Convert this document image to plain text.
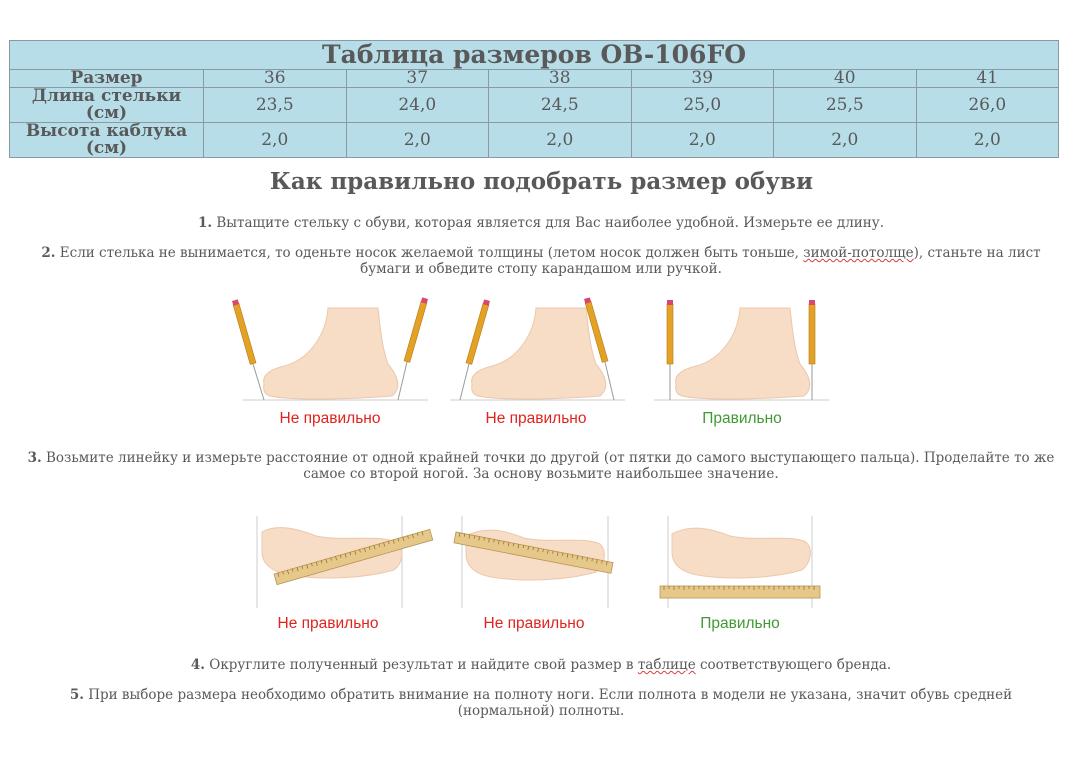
Таблица размеров OB-106FO						
Размер	36	37	38	39	40	41
Длина стельки (см)	23,5	24,0	24,5	25,0	25,5	26,0
Высота каблука (см)	2,0	2,0	2,0	2,0	2,0	2,0
Как правильно подобрать размер обуви
1. Вытащите стельку с обуви, которая является для Вас наиболее удобной. Измерьте ее длину.
2. Если стелька не вынимается, то оденьте носок желаемой толщины (летом носок должен быть тоньше, зимой-потолще), станьте на лист бумаги и обведите стопу карандашом или ручкой.
Не правильно	Не правильно	Правильно
3. Возьмите линейку и измерьте расстояние от одной крайней точки до другой (от пятки до самого выступающего пальца). Проделайте то же самое со второй ногой. За основу возьмите наибольшее значение.
Не правильно	Не правильно	Правильно
4. Округлите полученный результат и найдите свой размер в таблице соответствующего бренда.
5. При выборе размера необходимо обратить внимание на полноту ноги. Если полнота в модели не указана, значит обувь средней (нормальной) полноты.
